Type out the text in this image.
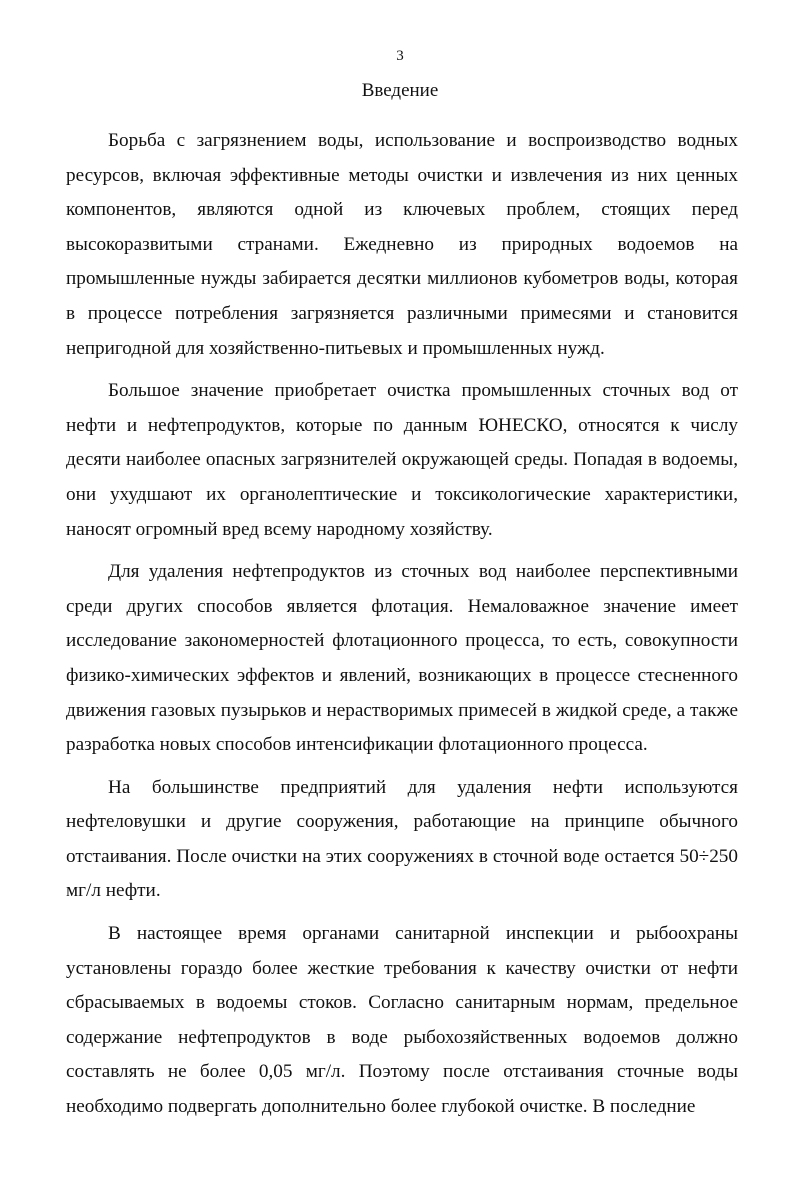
3
Введение

Борьба с загрязнением воды, использование и воспроизводство водных ресурсов, включая эффективные методы очистки и извлечения из них ценных компонентов, являются одной из ключевых проблем, стоящих перед высокоразвитыми странами. Ежедневно из природных водоемов на промышленные нужды забирается десятки миллионов кубометров воды, которая в процессе потребления загрязняется различными примесями и становится непригодной для хозяйственно-питьевых и промышленных нужд.

Большое значение приобретает очистка промышленных сточных вод от нефти и нефтепродуктов, которые по данным ЮНЕСКО, относятся к числу десяти наиболее опасных загрязнителей окружающей среды. Попадая в водоемы, они ухудшают их органолептические и токсикологические характеристики, наносят огромный вред всему народному хозяйству.

Для удаления нефтепродуктов из сточных вод наиболее перспективными среди других способов является флотация. Немаловажное значение имеет исследование закономерностей флотационного процесса, то есть, совокупности физико-химических эффектов и явлений, возникающих в процессе стесненного движения газовых пузырьков и нерастворимых примесей в жидкой среде, а также разработка новых способов интенсификации флотационного процесса.

На большинстве предприятий для удаления нефти используются нефтеловушки и другие сооружения, работающие на принципе обычного отстаивания. После очистки на этих сооружениях в сточной воде остается 50÷250 мг/л нефти.

В настоящее время органами санитарной инспекции и рыбоохраны установлены гораздо более жесткие требования к качеству очистки от нефти сбрасываемых в водоемы стоков. Согласно санитарным нормам, предельное содержание нефтепродуктов в воде рыбохозяйственных водоемов должно составлять не более 0,05 мг/л. Поэтому после отстаивания сточные воды необходимо подвергать дополнительно более глубокой очистке. В последние
